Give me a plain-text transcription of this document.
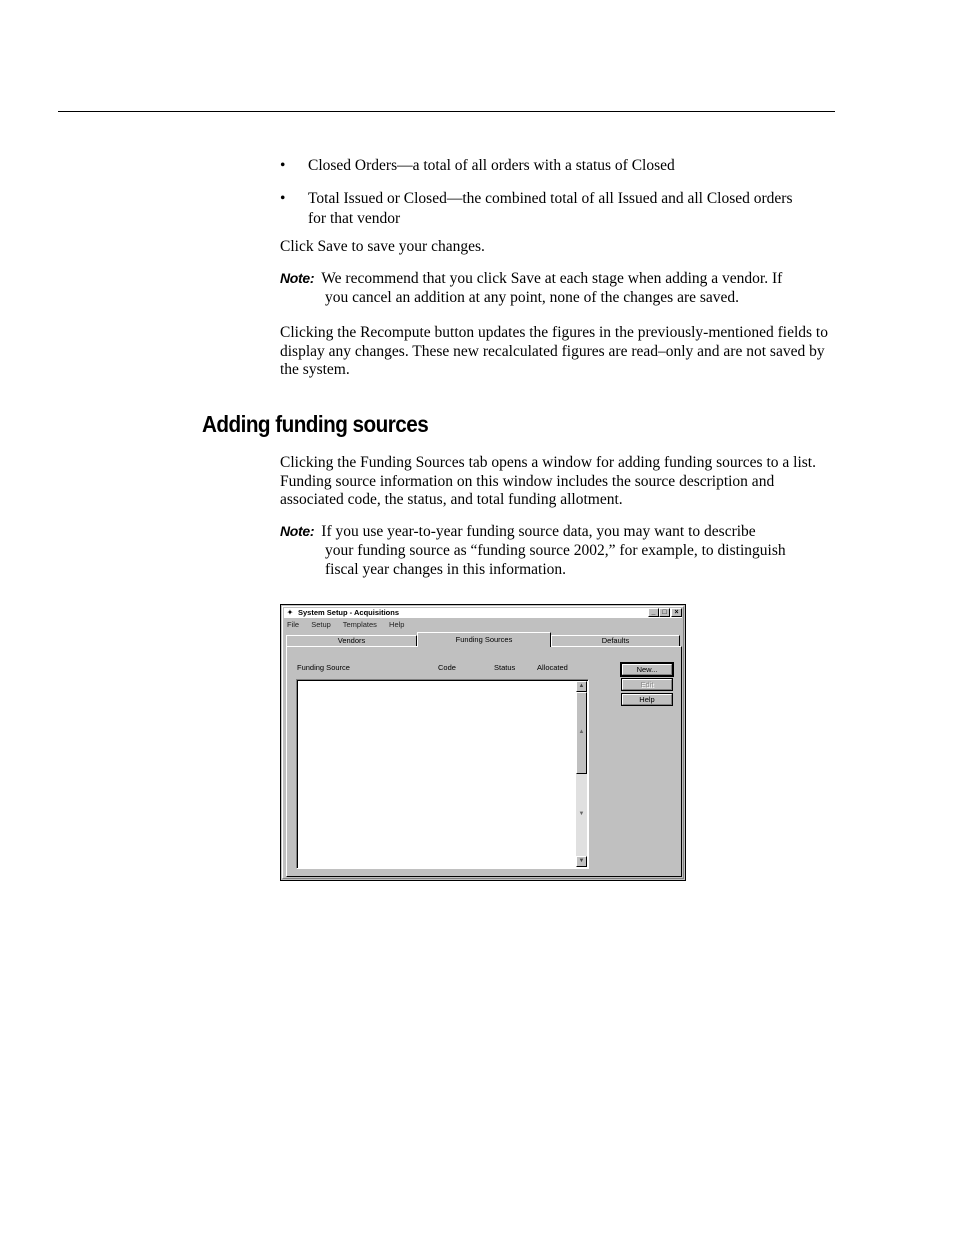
• Closed Orders—a total of all orders with a status of Closed
• Total Issued or Closed—the combined total of all Issued and all Closed orders for that vendor
Click Save to save your changes.
Note: We recommend that you click Save at each stage when adding a vendor. If
you cancel an addition at any point, none of the changes are saved.
Clicking the Recompute button updates the figures in the previously-mentioned fields to display any changes. These new recalculated figures are read–only and are not saved by the system.
Adding funding sources
Clicking the Funding Sources tab opens a window for adding funding sources to a list. Funding source information on this window includes the source description and associated code, the status, and total funding allotment.
Note: If you use year-to-year funding source data, you may want to describe
your funding source as “funding source 2002,” for example, to distinguish
fiscal year changes in this information.
✦ System Setup - Acquisitions	_ □	×
File Setup Templates Help
Vendors	Funding Sources	Defaults
Funding Source	Code	Status	Allocated
▲
▲
▼
▼
New...
Edit
Help
